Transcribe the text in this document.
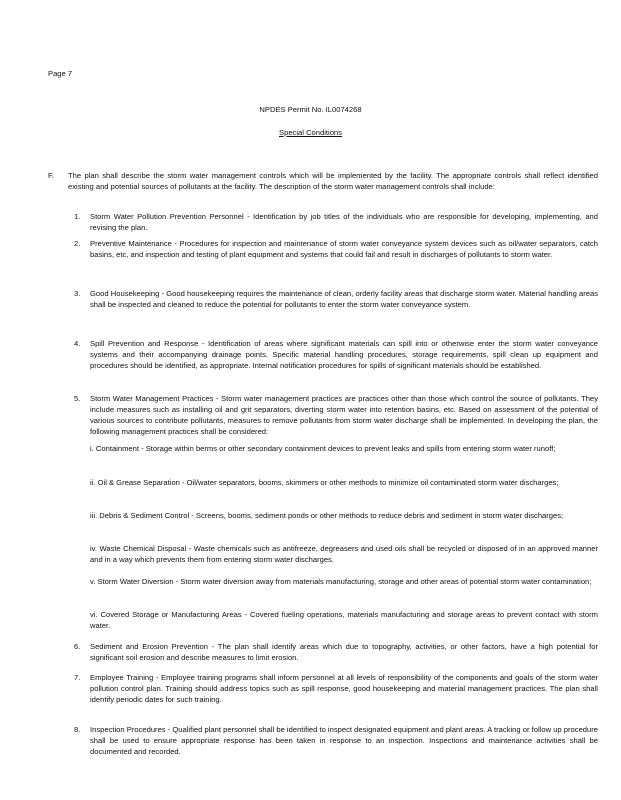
Page 7
NPDES Permit No. IL0074268
Special Conditions
F. The plan shall describe the storm water management controls which will be implemented by the facility. The appropriate controls shall reflect identified existing and potential sources of pollutants at the facility. The description of the storm water management controls shall include:
1. Storm Water Pollution Prevention Personnel - Identification by job titles of the individuals who are responsible for developing, implementing, and revising the plan.
2. Preventive Maintenance - Procedures for inspection and maintenance of storm water conveyance system devices such as oil/water separators, catch basins, etc, and inspection and testing of plant equipment and systems that could fail and result in discharges of pollutants to storm water.
3. Good Housekeeping - Good housekeeping requires the maintenance of clean, orderly facility areas that discharge storm water. Material handling areas shall be inspected and cleaned to reduce the potential for pollutants to enter the storm water conveyance system.
4. Spill Prevention and Response - Identification of areas where significant materials can spill into or otherwise enter the storm water conveyance systems and their accompanying drainage points. Specific material handling procedures, storage requirements, spill clean up equipment and procedures should be identified, as appropriate. Internal notification procedures for spills of significant materials should be established.
5. Storm Water Management Practices - Storm water management practices are practices other than those which control the source of pollutants. They include measures such as installing oil and grit separators, diverting storm water into retention basins, etc. Based on assessment of the potential of various sources to contribute pollutants, measures to remove pollutants from storm water discharge shall be implemented. In developing the plan, the following management practices shall be considered:
i. Containment - Storage within berms or other secondary containment devices to prevent leaks and spills from entering storm water runoff;
ii. Oil & Grease Separation - Oil/water separators, booms, skimmers or other methods to minimize oil contaminated storm water discharges;
iii. Debris & Sediment Control - Screens, booms, sediment ponds or other methods to reduce debris and sediment in storm water discharges;
iv. Waste Chemical Disposal - Waste chemicals such as antifreeze, degreasers and used oils shall be recycled or disposed of in an approved manner and in a way which prevents them from entering storm water discharges.
v. Storm Water Diversion - Storm water diversion away from materials manufacturing, storage and other areas of potential storm water contamination;
vi. Covered Storage or Manufacturing Areas - Covered fueling operations, materials manufacturing and storage areas to prevent contact with storm water.
6. Sediment and Erosion Prevention - The plan shall identify areas which due to topography, activities, or other factors, have a high potential for significant soil erosion and describe measures to limit erosion.
7. Employee Training - Employee training programs shall inform personnel at all levels of responsibility of the components and goals of the storm water pollution control plan. Training should address topics such as spill response, good housekeeping and material management practices. The plan shall identify periodic dates for such training.
8. Inspection Procedures - Qualified plant personnel shall be identified to inspect designated equipment and plant areas. A tracking or follow up procedure shall be used to ensure appropriate response has been taken in response to an inspection. Inspections and maintenance activities shall be documented and recorded.
